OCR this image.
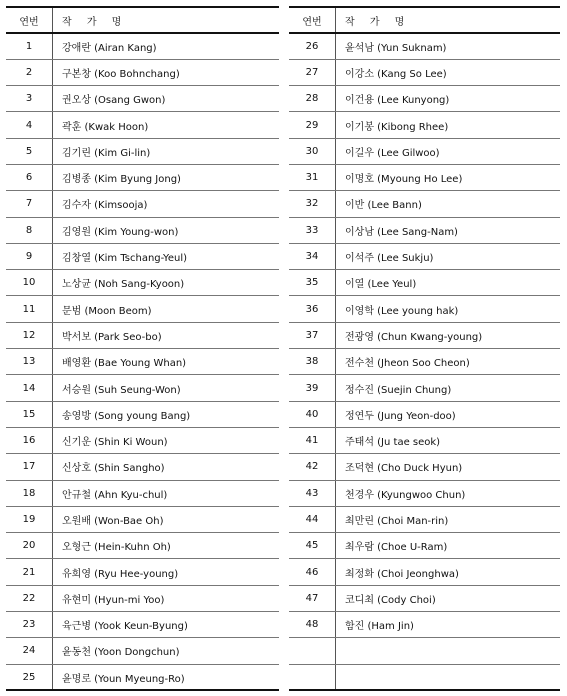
연번	작 가 명
1	강애란 (Airan Kang)
2	구본창 (Koo Bohnchang)
3	권오상 (Osang Gwon)
4	곽훈 (Kwak Hoon)
5	김기린 (Kim Gi-lin)
6	김병종 (Kim Byung Jong)
7	김수자 (Kimsooja)
8	김영원 (Kim Young-won)
9	김창열 (Kim Tschang-Yeul)
10	노상균 (Noh Sang-Kyoon)
11	문범 (Moon Beom)
12	박서보 (Park Seo-bo)
13	배영환 (Bae Young Whan)
14	서승원 (Suh Seung-Won)
15	송영방 (Song young Bang)
16	신기운 (Shin Ki Woun)
17	신상호 (Shin Sangho)
18	안규철 (Ahn Kyu-chul)
19	오원배 (Won-Bae Oh)
20	오형근 (Hein-Kuhn Oh)
21	유희영 (Ryu Hee-young)
22	유현미 (Hyun-mi Yoo)
23	육근병 (Yook Keun-Byung)
24	윤동천 (Yoon Dongchun)
25	윤명로 (Youn Myeung-Ro)
연번	작 가 명
26	윤석남 (Yun Suknam)
27	이강소 (Kang So Lee)
28	이건용 (Lee Kunyong)
29	이기봉 (Kibong Rhee)
30	이길우 (Lee Gilwoo)
31	이명호 (Myoung Ho Lee)
32	이반 (Lee Bann)
33	이상남 (Lee Sang-Nam)
34	이석주 (Lee Sukju)
35	이열 (Lee Yeul)
36	이영학 (Lee young hak)
37	전광영 (Chun Kwang-young)
38	전수천 (Jheon Soo Cheon)
39	정수진 (Suejin Chung)
40	정연두 (Jung Yeon-doo)
41	주태석 (Ju tae seok)
42	조덕현 (Cho Duck Hyun)
43	천경우 (Kyungwoo Chun)
44	최만린 (Choi Man-rin)
45	최우람 (Choe U-Ram)
46	최정화 (Choi Jeonghwa)
47	코디최 (Cody Choi)
48	함진 (Ham Jin)
